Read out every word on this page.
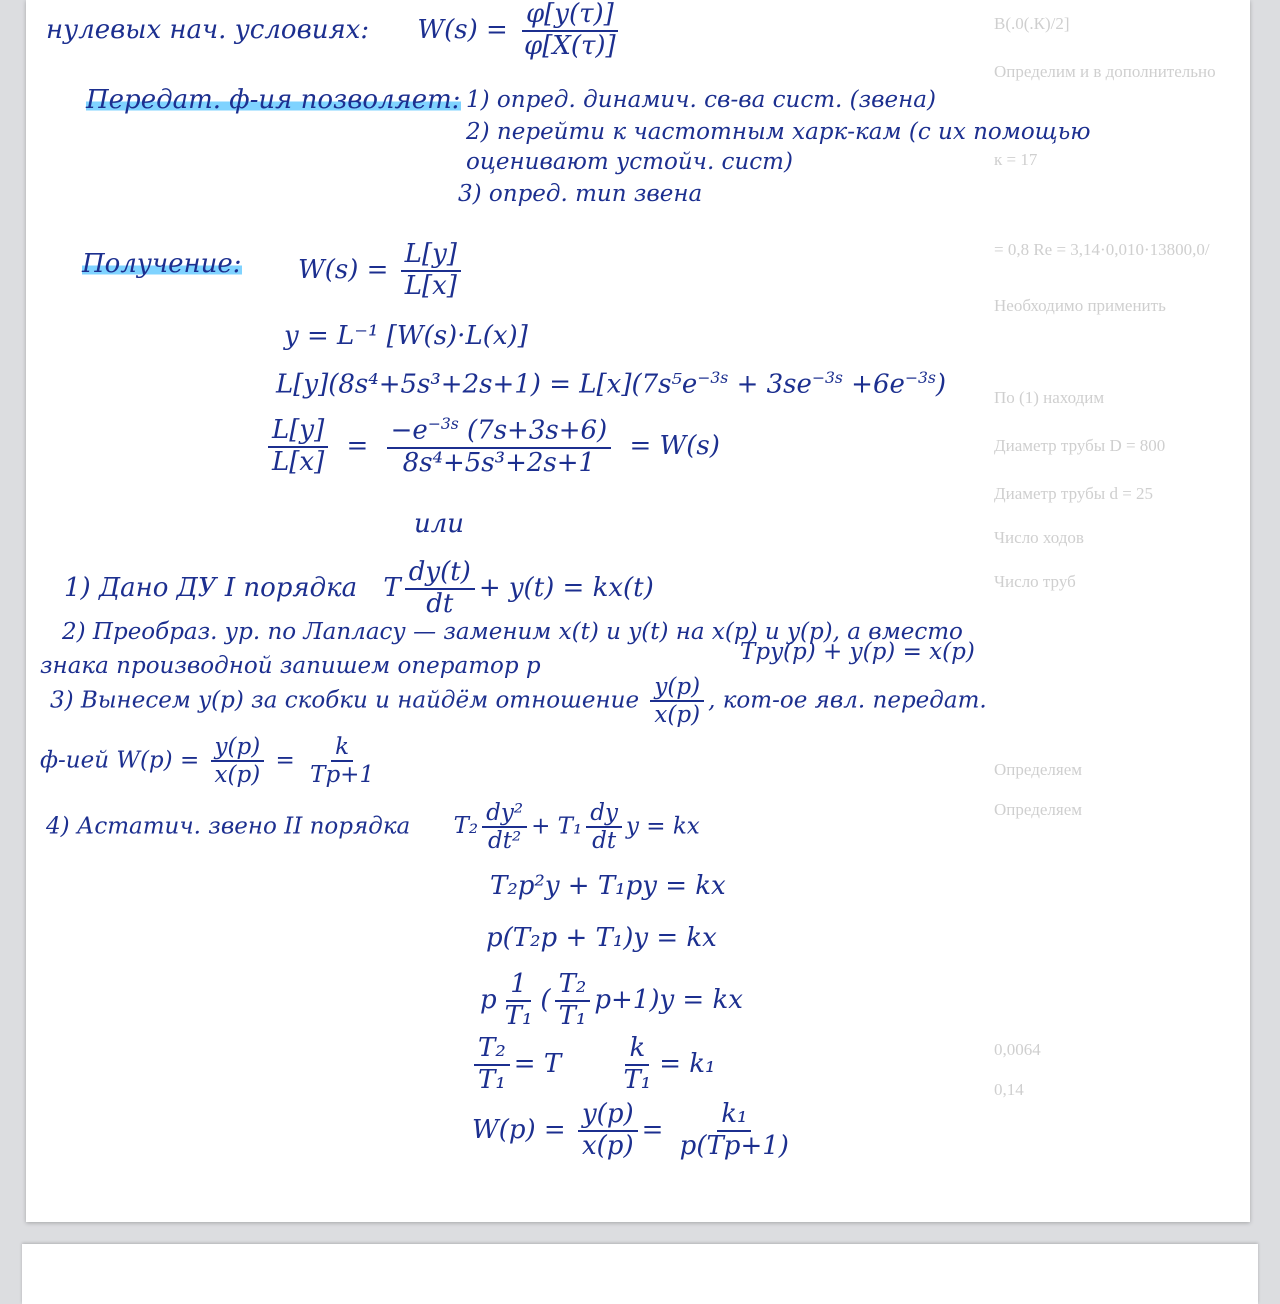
В(.0(.К)/2]
Определим и в дополнительно
к = 17
= 0,8 Re = 3,14·0,010·13800,0/
Необходимо применить
По (1) находим
Диаметр трубы D = 800
Диаметр трубы d = 25
Число ходов
Число труб
Определяем
Определяем
0,0064
0,14
нулевых нач. условиях: $W(s) = \frac{\varphi[y(\tau)]}{\varphi[X(\tau)]}$
Передат. ф-ия позволяет: 1) опред. динамич. св-ва сист. (звена)
2) перейти к частотным харк-кам (с их помощью
оценивают устойч. сист)
3) опред. тип звена
Получение: $W(s) = \frac{L[y]}{L[x]}$
y = L⁻¹ [W(s)·L(x)]
$L[y](8s^4+5s^3+2s+1) = L[x](7s^5e^{-3s} + 3se^{-3s} +6e^{-3s})$
$\frac{L[y]}{L[x]} = \frac{-e^{-3s} (7s+3s+6)}{\text{8s⁴+5s³+2s+1}} = W(s)$
или
1) Дано ДУ I порядка T $\frac{dy(t)}{dt} + y(t) = kx(t)$
2) Преобраз. ур. по Лапласу — заменим x(t) и y(t) на x(p) и y(p), а вместо
знака производной запишем оператор p
Tpy(p) + y(p) = x(p)
3) Вынесем y(p) за скобки и найдём отношение $\frac{y(p)}{x(p)}$ , кот-ое явл. передат.
ф-ией $W(p) = \frac{y(p)}{x(p)} = \frac{k}{Tp+1}$
4) Астатич. звено II порядка $T_2 \frac{\text{dy²}}{\text{dt²}} + T_1 \frac{dy}{dt}$ y = kx
T₂p²y + T₁py = kx
p(T₂p + T₁)y = kx
p $\frac{1}{\text{T₁}}$ ( $\frac{\text{T₂}}{\text{T₁}} p+1)y$ = kx
$\frac{\text{T₂}}{\text{T₁}} = T \frac{k}{\text{T₁}} = k_1$
$W(p) = \frac{y(p)}{x(p)} = \frac{\text{k₁}}{p(Tp+1)}$
